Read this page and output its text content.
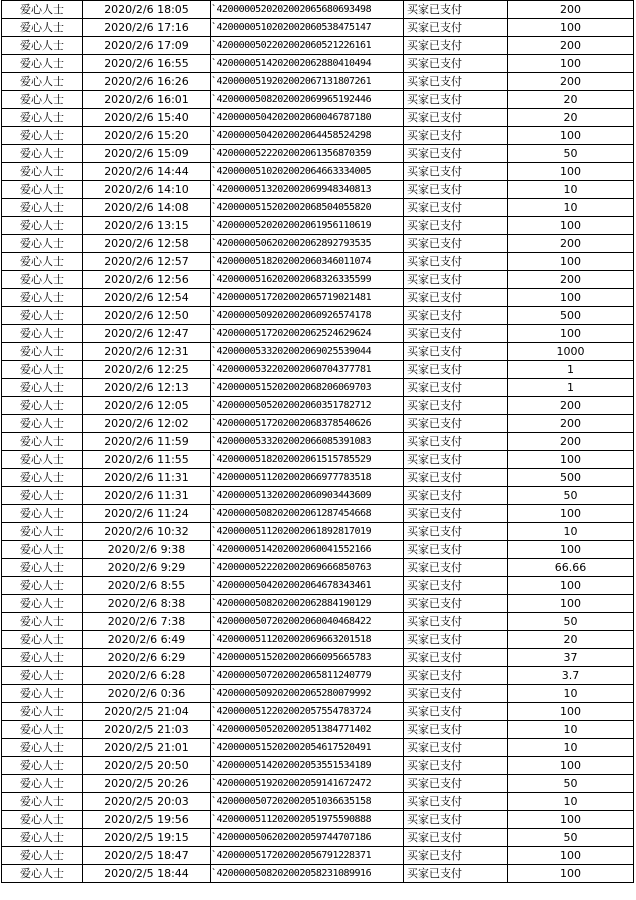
爱心人士	2020/2/6 18:05	`4200000520202002065680693498	买家已支付	200
爱心人士	2020/2/6 17:16	`4200000510202002060538475147	买家已支付	100
爱心人士	2020/2/6 17:09	`4200000502202002060521226161	买家已支付	200
爱心人士	2020/2/6 16:55	`4200000514202002062880410494	买家已支付	100
爱心人士	2020/2/6 16:26	`4200000519202002067131807261	买家已支付	200
爱心人士	2020/2/6 16:01	`4200000508202002069965192446	买家已支付	20
爱心人士	2020/2/6 15:40	`4200000504202002060046787180	买家已支付	20
爱心人士	2020/2/6 15:20	`4200000504202002064458524298	买家已支付	100
爱心人士	2020/2/6 15:09	`4200000522202002061356870359	买家已支付	50
爱心人士	2020/2/6 14:44	`4200000510202002064663334005	买家已支付	100
爱心人士	2020/2/6 14:10	`4200000513202002069948340813	买家已支付	10
爱心人士	2020/2/6 14:08	`4200000515202002068504055820	买家已支付	10
爱心人士	2020/2/6 13:15	`4200000520202002061956110619	买家已支付	100
爱心人士	2020/2/6 12:58	`4200000506202002062892793535	买家已支付	200
爱心人士	2020/2/6 12:57	`4200000518202002060346011074	买家已支付	100
爱心人士	2020/2/6 12:56	`4200000516202002068326335599	买家已支付	200
爱心人士	2020/2/6 12:54	`4200000517202002065719021481	买家已支付	100
爱心人士	2020/2/6 12:50	`4200000509202002060926574178	买家已支付	500
爱心人士	2020/2/6 12:47	`4200000517202002062524629624	买家已支付	100
爱心人士	2020/2/6 12:31	`4200000533202002069025539044	买家已支付	1000
爱心人士	2020/2/6 12:25	`4200000532202002060704377781	买家已支付	1
爱心人士	2020/2/6 12:13	`4200000515202002068206069703	买家已支付	1
爱心人士	2020/2/6 12:05	`4200000505202002060351782712	买家已支付	200
爱心人士	2020/2/6 12:02	`4200000517202002068378540626	买家已支付	200
爱心人士	2020/2/6 11:59	`4200000533202002066085391083	买家已支付	200
爱心人士	2020/2/6 11:55	`4200000518202002061515785529	买家已支付	100
爱心人士	2020/2/6 11:31	`4200000511202002066977783518	买家已支付	500
爱心人士	2020/2/6 11:31	`4200000513202002060903443609	买家已支付	50
爱心人士	2020/2/6 11:24	`4200000508202002061287454668	买家已支付	100
爱心人士	2020/2/6 10:32	`4200000511202002061892817019	买家已支付	10
爱心人士	2020/2/6 9:38	`4200000514202002060041552166	买家已支付	100
爱心人士	2020/2/6 9:29	`4200000522202002069666850763	买家已支付	66.66
爱心人士	2020/2/6 8:55	`4200000504202002064678343461	买家已支付	100
爱心人士	2020/2/6 8:38	`4200000508202002062884190129	买家已支付	100
爱心人士	2020/2/6 7:38	`4200000507202002060040468422	买家已支付	50
爱心人士	2020/2/6 6:49	`4200000511202002069663201518	买家已支付	20
爱心人士	2020/2/6 6:29	`4200000515202002066095665783	买家已支付	37
爱心人士	2020/2/6 6:28	`4200000507202002065811240779	买家已支付	3.7
爱心人士	2020/2/6 0:36	`4200000509202002065280079992	买家已支付	10
爱心人士	2020/2/5 21:04	`4200000512202002057554783724	买家已支付	100
爱心人士	2020/2/5 21:03	`4200000505202002051384771402	买家已支付	10
爱心人士	2020/2/5 21:01	`4200000515202002054617520491	买家已支付	10
爱心人士	2020/2/5 20:50	`4200000514202002053551534189	买家已支付	100
爱心人士	2020/2/5 20:26	`4200000519202002059141672472	买家已支付	50
爱心人士	2020/2/5 20:03	`4200000507202002051036635158	买家已支付	10
爱心人士	2020/2/5 19:56	`4200000511202002051975590888	买家已支付	100
爱心人士	2020/2/5 19:15	`4200000506202002059744707186	买家已支付	50
爱心人士	2020/2/5 18:47	`4200000517202002056791228371	买家已支付	100
爱心人士	2020/2/5 18:44	`4200000508202002058231089916	买家已支付	100
